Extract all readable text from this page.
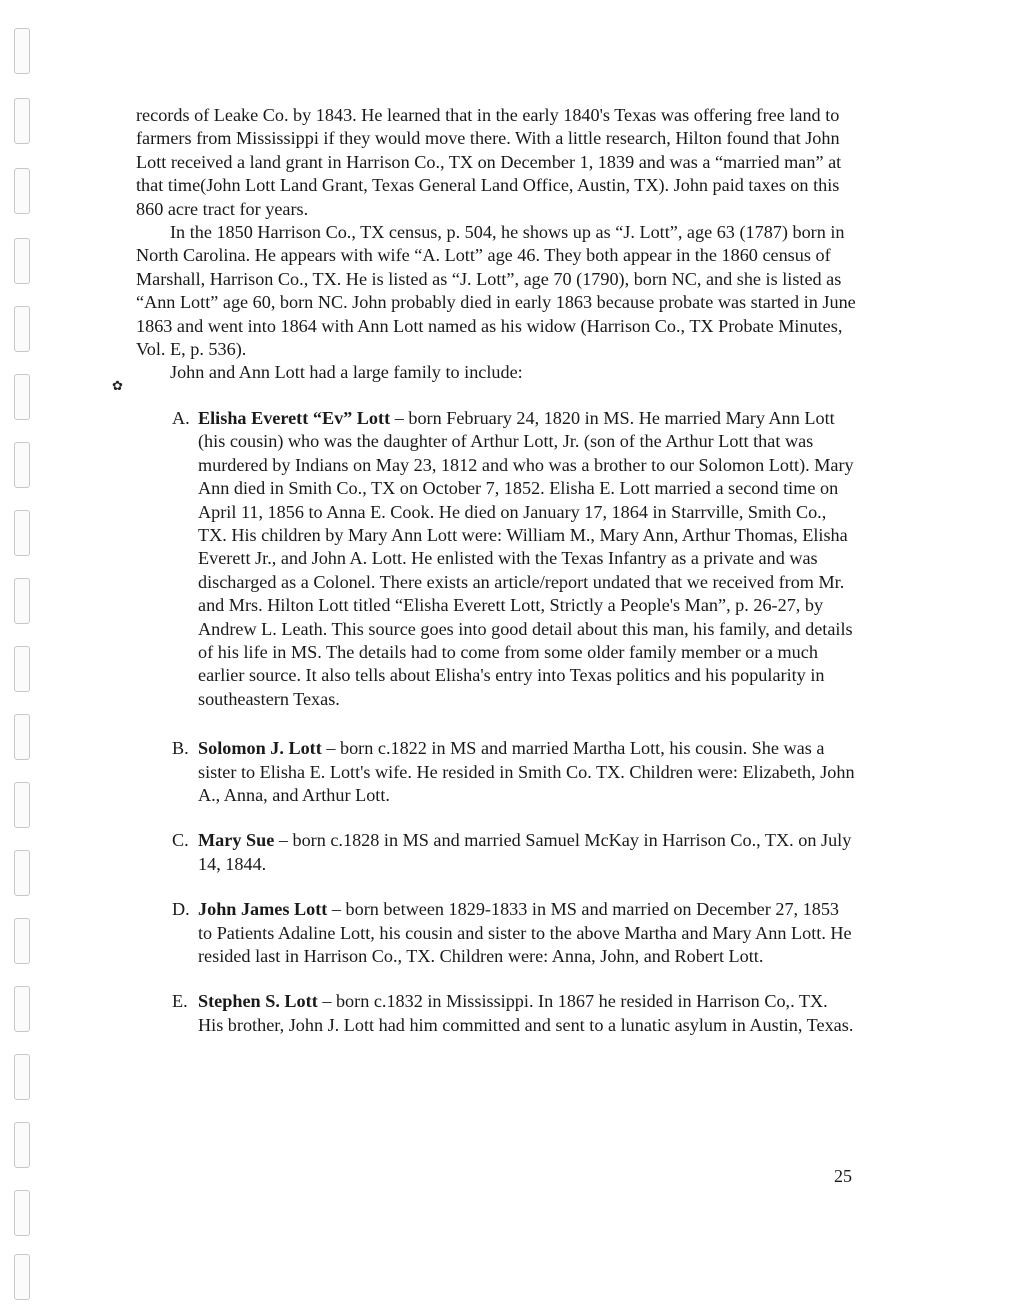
✿

records of Leake Co. by 1843. He learned that in the early 1840's Texas was offering free land to farmers from Mississippi if they would move there. With a little research, Hilton found that John Lott received a land grant in Harrison Co., TX on December 1, 1839 and was a “married man” at that time(John Lott Land Grant, Texas General Land Office, Austin, TX). John paid taxes on this 860 acre tract for years.

In the 1850 Harrison Co., TX census, p. 504, he shows up as “J. Lott”, age 63 (1787) born in North Carolina. He appears with wife “A. Lott” age 46. They both appear in the 1860 census of Marshall, Harrison Co., TX. He is listed as “J. Lott”, age 70 (1790), born NC, and she is listed as “Ann Lott” age 60, born NC. John probably died in early 1863 because probate was started in June 1863 and went into 1864 with Ann Lott named as his widow (Harrison Co., TX Probate Minutes, Vol. E, p. 536).

John and Ann Lott had a large family to include:

A. Elisha Everett “Ev” Lott – born February 24, 1820 in MS. He married Mary Ann Lott (his cousin) who was the daughter of Arthur Lott, Jr. (son of the Arthur Lott that was murdered by Indians on May 23, 1812 and who was a brother to our Solomon Lott). Mary Ann died in Smith Co., TX on October 7, 1852. Elisha E. Lott married a second time on April 11, 1856 to Anna E. Cook. He died on January 17, 1864 in Starrville, Smith Co., TX. His children by Mary Ann Lott were: William M., Mary Ann, Arthur Thomas, Elisha Everett Jr., and John A. Lott. He enlisted with the Texas Infantry as a private and was discharged as a Colonel. There exists an article/report undated that we received from Mr. and Mrs. Hilton Lott titled “Elisha Everett Lott, Strictly a People's Man”, p. 26-27, by Andrew L. Leath. This source goes into good detail about this man, his family, and details of his life in MS. The details had to come from some older family member or a much earlier source. It also tells about Elisha's entry into Texas politics and his popularity in southeastern Texas.
B. Solomon J. Lott – born c.1822 in MS and married Martha Lott, his cousin. She was a sister to Elisha E. Lott's wife. He resided in Smith Co. TX. Children were: Elizabeth, John A., Anna, and Arthur Lott.
C. Mary Sue – born c.1828 in MS and married Samuel McKay in Harrison Co., TX. on July 14, 1844.
D. John James Lott – born between 1829-1833 in MS and married on December 27, 1853 to Patients Adaline Lott, his cousin and sister to the above Martha and Mary Ann Lott. He resided last in Harrison Co., TX. Children were: Anna, John, and Robert Lott.
E. Stephen S. Lott – born c.1832 in Mississippi. In 1867 he resided in Harrison Co,. TX. His brother, John J. Lott had him committed and sent to a lunatic asylum in Austin, Texas.
25
